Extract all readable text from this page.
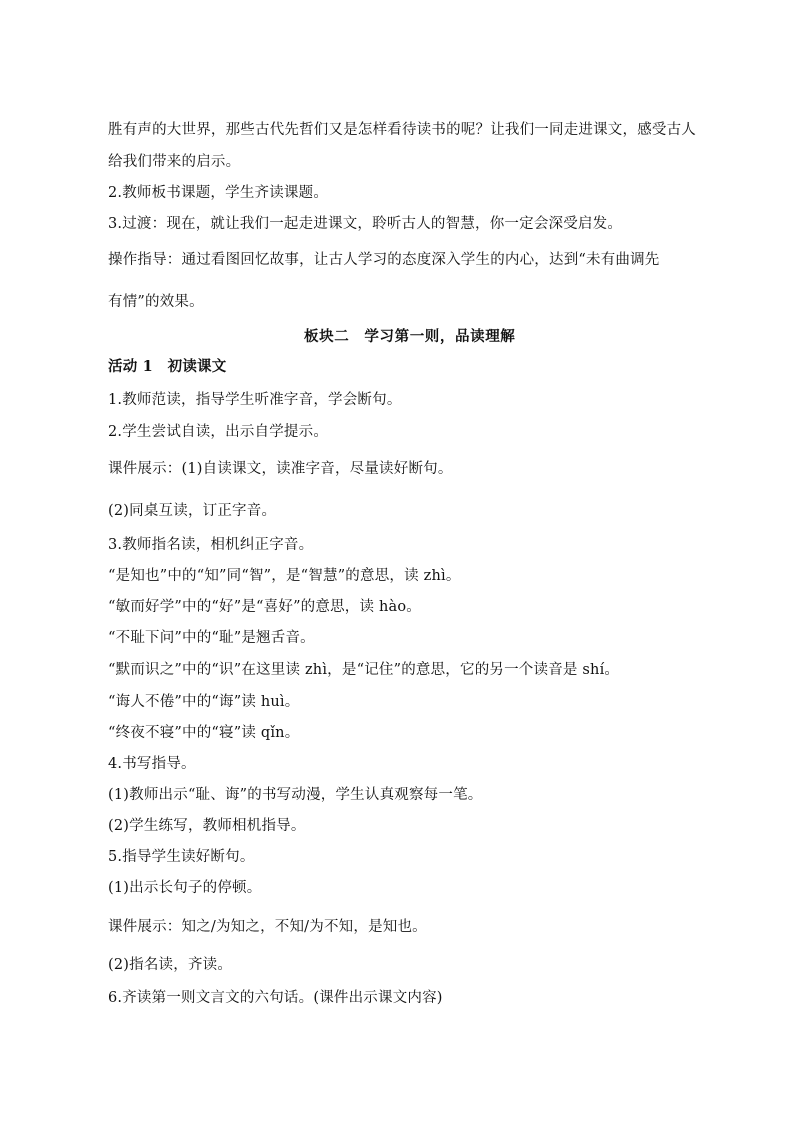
胜有声的大世界，那些古代先哲们又是怎样看待读书的呢？让我们一同走进课文，感受古人
给我们带来的启示。
2.教师板书课题，学生齐读课题。
3.过渡：现在，就让我们一起走进课文，聆听古人的智慧，你一定会深受启发。
操作指导：通过看图回忆故事，让古人学习的态度深入学生的内心，达到“未有曲调先
有情”的效果。
板块二　学习第一则，品读理解
活动 1　初读课文
1.教师范读，指导学生听准字音，学会断句。
2.学生尝试自读，出示自学提示。
课件展示：(1)自读课文，读准字音，尽量读好断句。
(2)同桌互读，订正字音。
3.教师指名读，相机纠正字音。
“是知也”中的“知”同“智”，是“智慧”的意思，读 zhì。
“敏而好学”中的“好”是“喜好”的意思，读 hào。
“不耻下问”中的“耻”是翘舌音。
“默而识之”中的“识”在这里读 zhì，是“记住”的意思，它的另一个读音是 shí。
“诲人不倦”中的“诲”读 huì。
“终夜不寝”中的“寝”读 qǐn。
4.书写指导。
(1)教师出示“耻、诲”的书写动漫，学生认真观察每一笔。
(2)学生练写，教师相机指导。
5.指导学生读好断句。
(1)出示长句子的停顿。
课件展示：知之/为知之，不知/为不知，是知也。
(2)指名读，齐读。
6.齐读第一则文言文的六句话。(课件出示课文内容)
